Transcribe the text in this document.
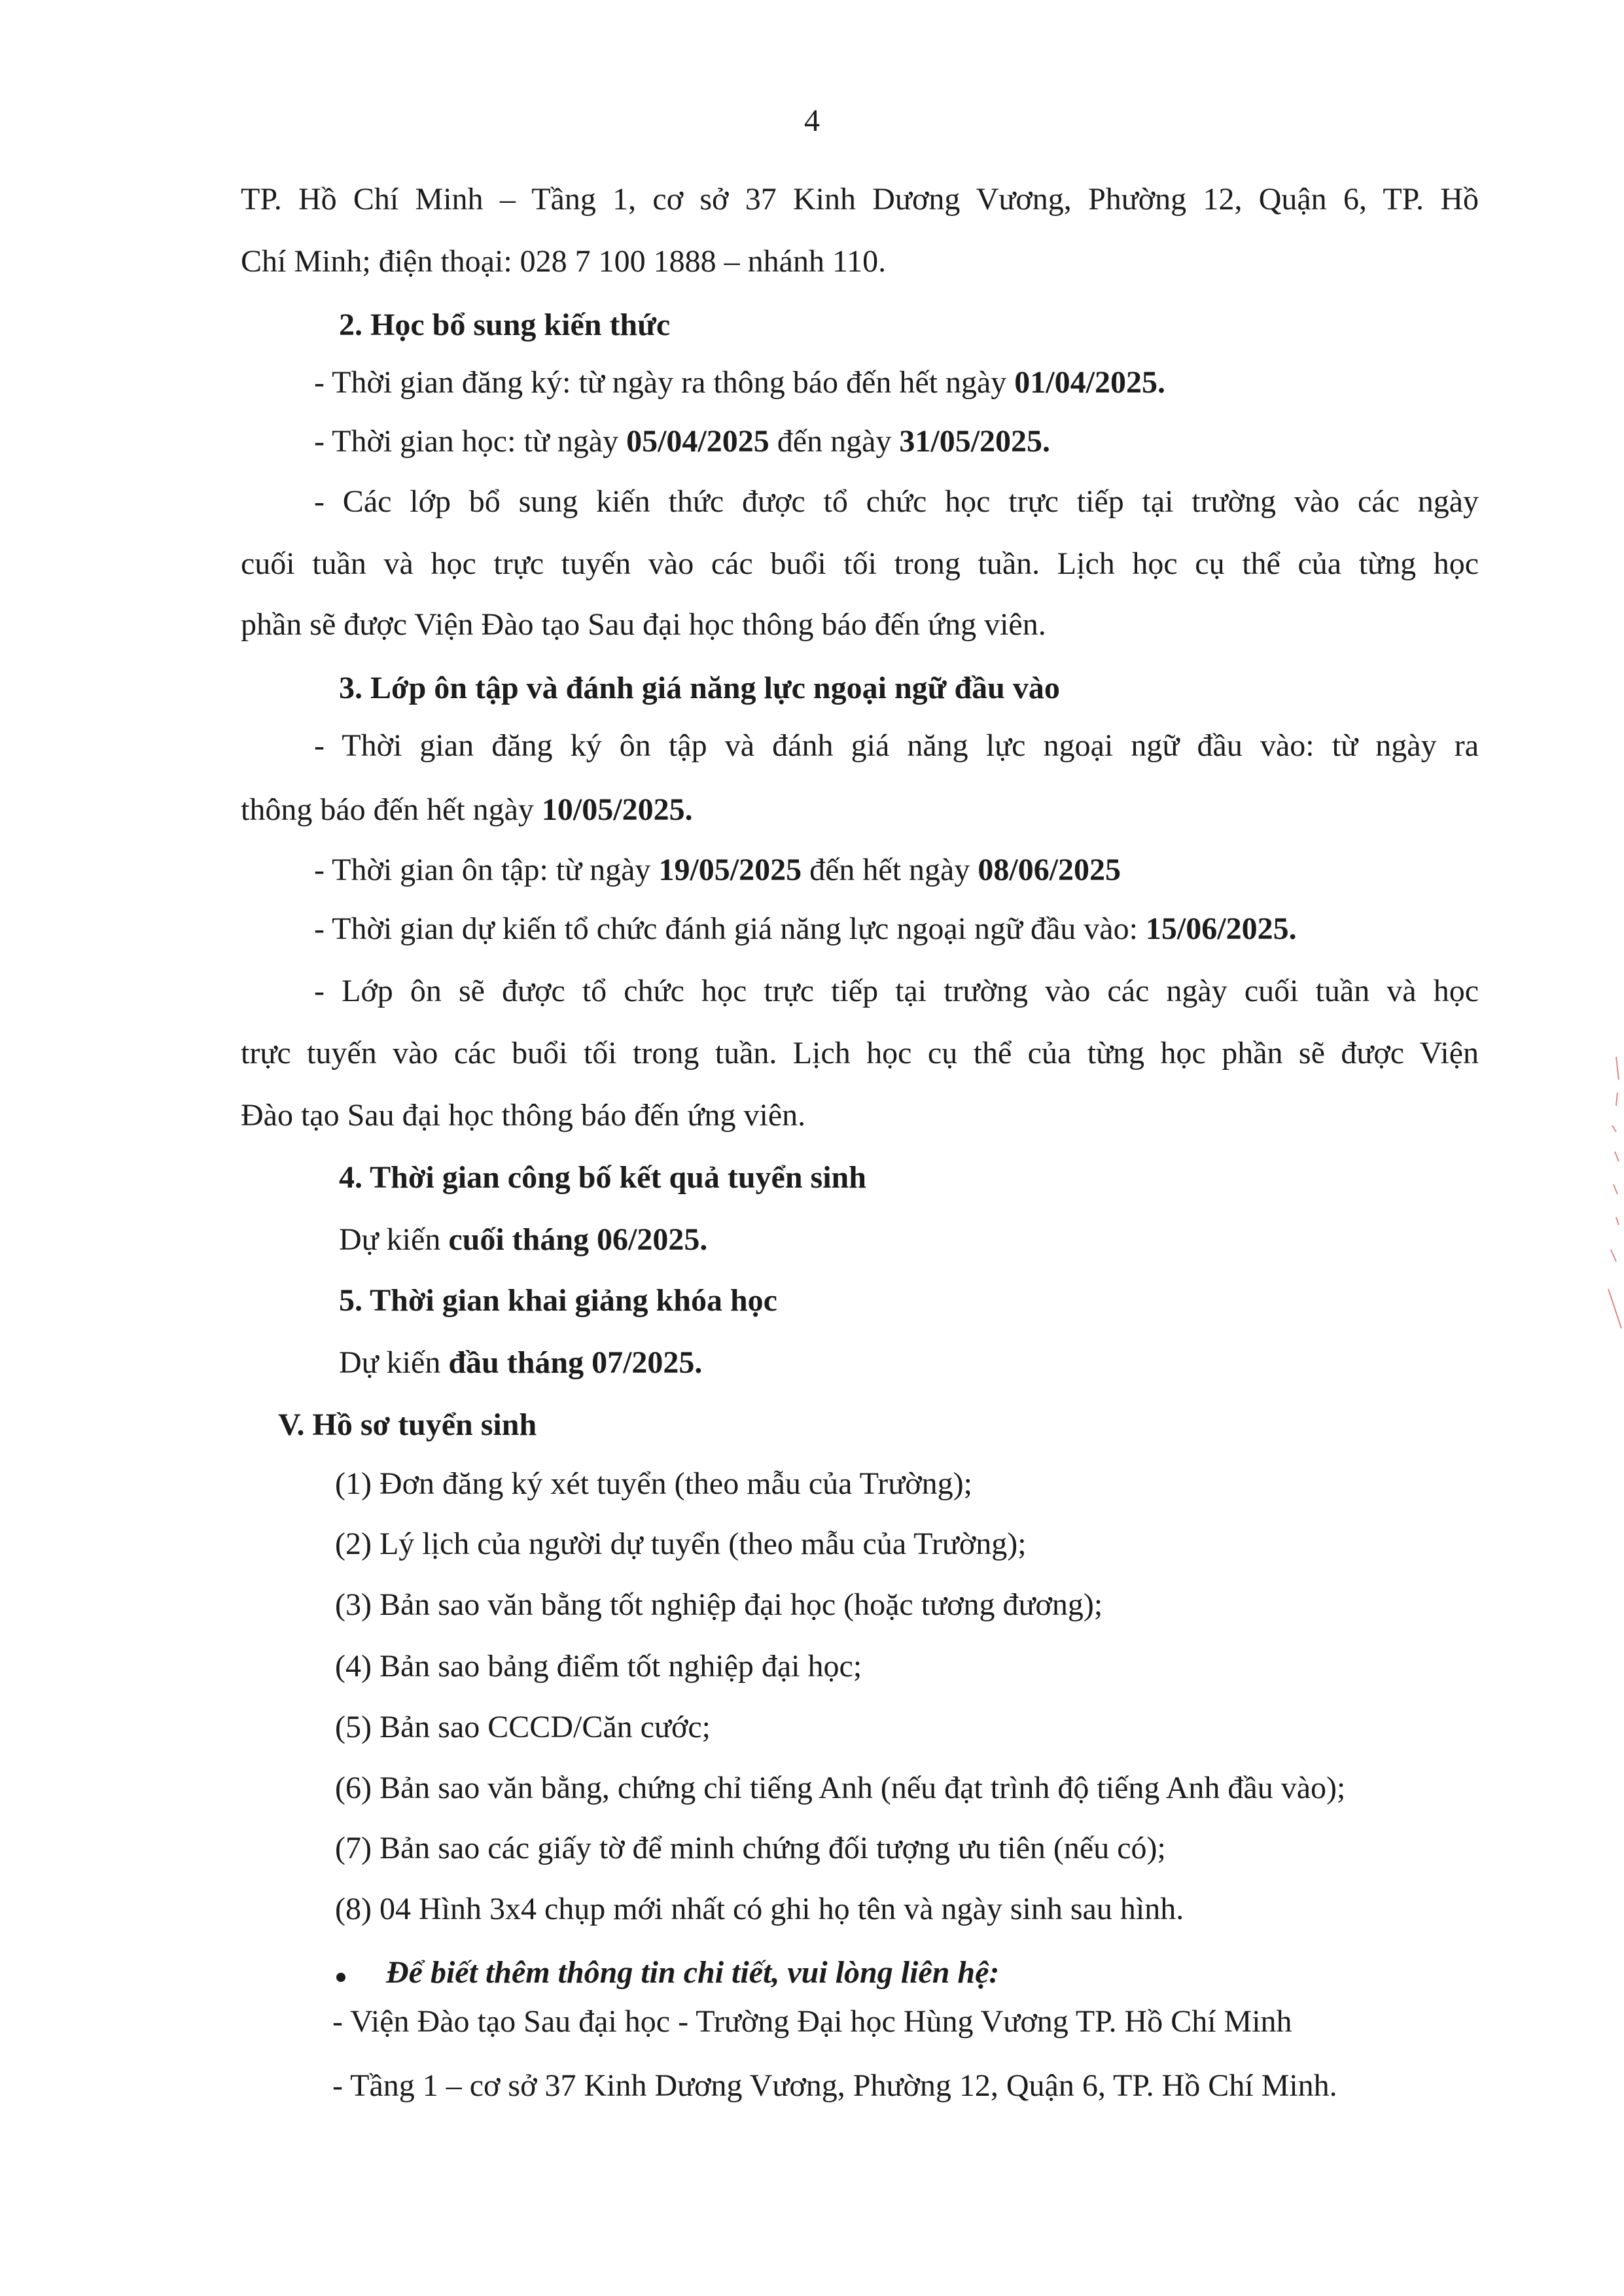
4
TP. Hồ Chí Minh – Tầng 1, cơ sở 37 Kinh Dương Vương, Phường 12, Quận 6, TP. Hồ
Chí Minh; điện thoại: 028 7 100 1888 – nhánh 110.
2. Học bổ sung kiến thức
- Thời gian đăng ký: từ ngày ra thông báo đến hết ngày 01/04/2025.
- Thời gian học: từ ngày 05/04/2025 đến ngày 31/05/2025.
- Các lớp bổ sung kiến thức được tổ chức học trực tiếp tại trường vào các ngày
cuối tuần và học trực tuyến vào các buổi tối trong tuần. Lịch học cụ thể của từng học
phần sẽ được Viện Đào tạo Sau đại học thông báo đến ứng viên.
3. Lớp ôn tập và đánh giá năng lực ngoại ngữ đầu vào
- Thời gian đăng ký ôn tập và đánh giá năng lực ngoại ngữ đầu vào: từ ngày ra
thông báo đến hết ngày 10/05/2025.
- Thời gian ôn tập: từ ngày 19/05/2025 đến hết ngày 08/06/2025
- Thời gian dự kiến tổ chức đánh giá năng lực ngoại ngữ đầu vào: 15/06/2025.
- Lớp ôn sẽ được tổ chức học trực tiếp tại trường vào các ngày cuối tuần và học
trực tuyến vào các buổi tối trong tuần. Lịch học cụ thể của từng học phần sẽ được Viện
Đào tạo Sau đại học thông báo đến ứng viên.
4. Thời gian công bố kết quả tuyển sinh
Dự kiến cuối tháng 06/2025.
5. Thời gian khai giảng khóa học
Dự kiến đầu tháng 07/2025.
V. Hồ sơ tuyển sinh
(1) Đơn đăng ký xét tuyển (theo mẫu của Trường);
(2) Lý lịch của người dự tuyển (theo mẫu của Trường);
(3) Bản sao văn bằng tốt nghiệp đại học (hoặc tương đương);
(4) Bản sao bảng điểm tốt nghiệp đại học;
(5) Bản sao CCCD/Căn cước;
(6) Bản sao văn bằng, chứng chỉ tiếng Anh (nếu đạt trình độ tiếng Anh đầu vào);
(7) Bản sao các giấy tờ để minh chứng đối tượng ưu tiên (nếu có);
(8) 04 Hình 3x4 chụp mới nhất có ghi họ tên và ngày sinh sau hình.
Để biết thêm thông tin chi tiết, vui lòng liên hệ:
- Viện Đào tạo Sau đại học - Trường Đại học Hùng Vương TP. Hồ Chí Minh
- Tầng 1 – cơ sở 37 Kinh Dương Vương, Phường 12, Quận 6, TP. Hồ Chí Minh.
